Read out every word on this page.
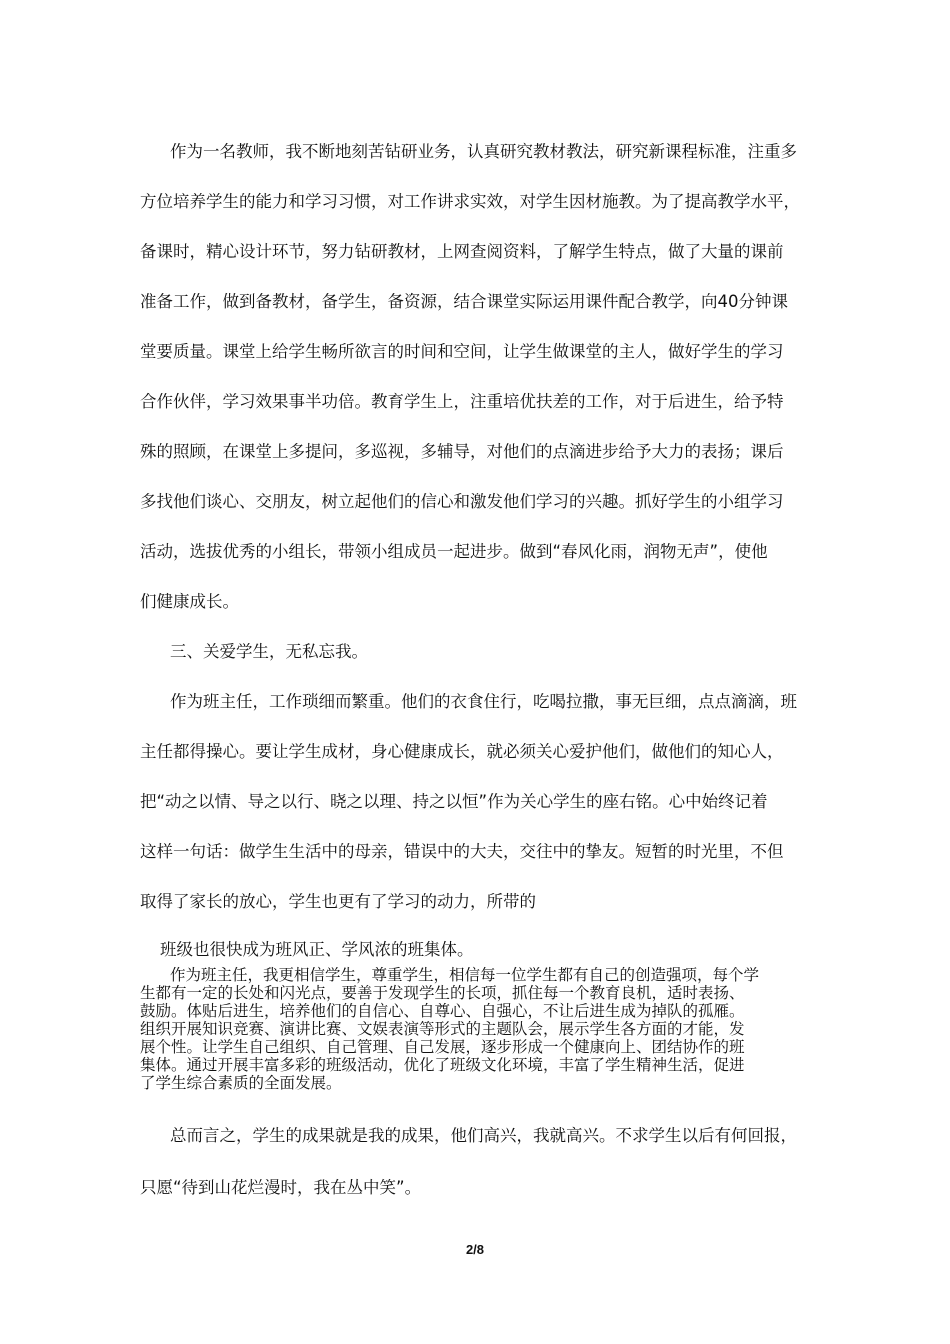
作为一名教师，我不断地刻苦钻研业务，认真研究教材教法，研究新课程标准，注重多
方位培养学生的能力和学习习惯，对工作讲求实效，对学生因材施教。为了提高教学水平，
备课时，精心设计环节，努力钻研教材，上网查阅资料，了解学生特点，做了大量的课前
准备工作，做到备教材，备学生，备资源，结合课堂实际运用课件配合教学，向40分钟课
堂要质量。课堂上给学生畅所欲言的时间和空间，让学生做课堂的主人，做好学生的学习
合作伙伴，学习效果事半功倍。教育学生上，注重培优扶差的工作，对于后进生，给予特
殊的照顾，在课堂上多提问，多巡视，多辅导，对他们的点滴进步给予大力的表扬；课后
多找他们谈心、交朋友，树立起他们的信心和激发他们学习的兴趣。抓好学生的小组学习
活动，选拔优秀的小组长，带领小组成员一起进步。做到“春风化雨，润物无声”，使他
们健康成长。
三、关爱学生，无私忘我。
作为班主任，工作琐细而繁重。他们的衣食住行，吃喝拉撒，事无巨细，点点滴滴，班
主任都得操心。要让学生成材，身心健康成长，就必须关心爱护他们，做他们的知心人，
把“动之以情、导之以行、晓之以理、持之以恒”作为关心学生的座右铭。心中始终记着
这样一句话：做学生生活中的母亲，错误中的大夫，交往中的挚友。短暂的时光里，不但
取得了家长的放心，学生也更有了学习的动力，所带的
班级也很快成为班风正、学风浓的班集体。
作为班主任，我更相信学生，尊重学生，相信每一位学生都有自己的创造强项，每个学
生都有一定的长处和闪光点，要善于发现学生的长项，抓住每一个教育良机，适时表扬、
鼓励。体贴后进生，培养他们的自信心、自尊心、自强心，不让后进生成为掉队的孤雁。
组织开展知识竞赛、演讲比赛、文娱表演等形式的主题队会，展示学生各方面的才能，发
展个性。让学生自己组织、自己管理、自己发展，逐步形成一个健康向上、团结协作的班
集体。通过开展丰富多彩的班级活动，优化了班级文化环境，丰富了学生精神生活，促进
了学生综合素质的全面发展。
总而言之，学生的成果就是我的成果，他们高兴，我就高兴。不求学生以后有何回报，
只愿“待到山花烂漫时，我在丛中笑”。
2/8
